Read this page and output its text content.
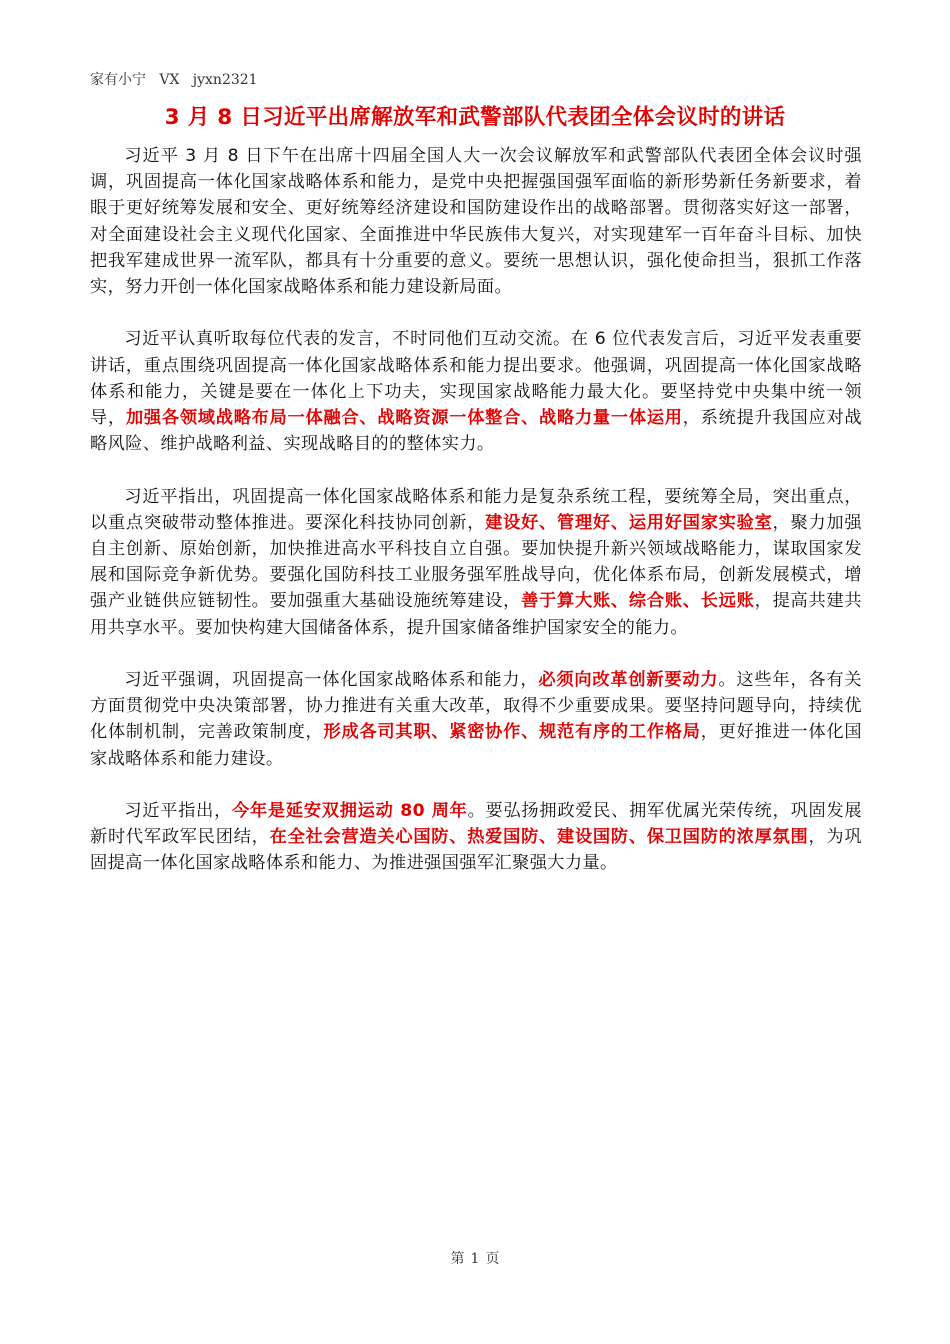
家有小宁   VX   jyxn2321
3 月 8 日习近平出席解放军和武警部队代表团全体会议时的讲话

习近平 3 月 8 日下午在出席十四届全国人大一次会议解放军和武警部队代表团全体会议时强调，巩固提高一体化国家战略体系和能力，是党中央把握强国强军面临的新形势新任务新要求，着眼于更好统筹发展和安全、更好统筹经济建设和国防建设作出的战略部署。贯彻落实好这一部署，对全面建设社会主义现代化国家、全面推进中华民族伟大复兴，对实现建军一百年奋斗目标、加快把我军建成世界一流军队，都具有十分重要的意义。要统一思想认识，强化使命担当，狠抓工作落实，努力开创一体化国家战略体系和能力建设新局面。

习近平认真听取每位代表的发言，不时同他们互动交流。在 6 位代表发言后，习近平发表重要讲话，重点围绕巩固提高一体化国家战略体系和能力提出要求。他强调，巩固提高一体化国家战略体系和能力，关键是要在一体化上下功夫，实现国家战略能力最大化。要坚持党中央集中统一领导，加强各领域战略布局一体融合、战略资源一体整合、战略力量一体运用，系统提升我国应对战略风险、维护战略利益、实现战略目的的整体实力。

习近平指出，巩固提高一体化国家战略体系和能力是复杂系统工程，要统筹全局，突出重点，以重点突破带动整体推进。要深化科技协同创新，建设好、管理好、运用好国家实验室，聚力加强自主创新、原始创新，加快推进高水平科技自立自强。要加快提升新兴领域战略能力，谋取国家发展和国际竞争新优势。要强化国防科技工业服务强军胜战导向，优化体系布局，创新发展模式，增强产业链供应链韧性。要加强重大基础设施统筹建设，善于算大账、综合账、长远账，提高共建共用共享水平。要加快构建大国储备体系，提升国家储备维护国家安全的能力。

习近平强调，巩固提高一体化国家战略体系和能力，必须向改革创新要动力。这些年，各有关方面贯彻党中央决策部署，协力推进有关重大改革，取得不少重要成果。要坚持问题导向，持续优化体制机制，完善政策制度，形成各司其职、紧密协作、规范有序的工作格局，更好推进一体化国家战略体系和能力建设。

习近平指出，今年是延安双拥运动 80 周年。要弘扬拥政爱民、拥军优属光荣传统，巩固发展新时代军政军民团结，在全社会营造关心国防、热爱国防、建设国防、保卫国防的浓厚氛围，为巩固提高一体化国家战略体系和能力、为推进强国强军汇聚强大力量。

第 1 页
